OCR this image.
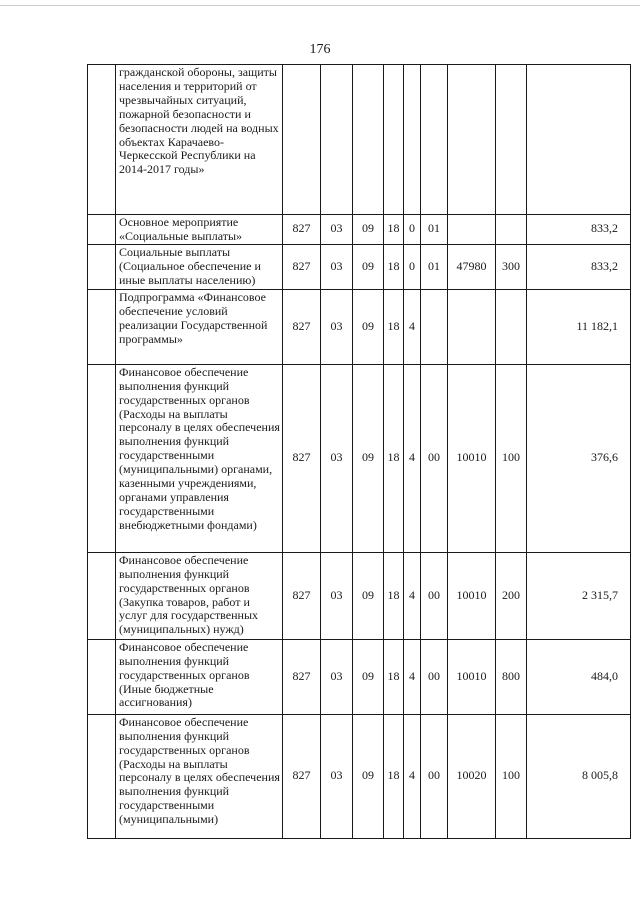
176
	гражданской обороны, защиты населения и территорий от чрезвычайных ситуаций, пожарной безопасности и безопасности людей на водных объектах Карачаево-Черкесской Республики на 2014-2017 годы»									
	Основное мероприятие «Социальные выплаты»	827	03	09	18	0	01			833,2
	Социальные выплаты (Социальное обеспечение и иные выплаты населению)	827	03	09	18	0	01	47980	300	833,2
	Подпрограмма «Финансовое обеспечение условий реализации Государственной программы»	827	03	09	18	4				11 182,1
	Финансовое обеспечение выполнения функций государственных органов (Расходы на выплаты персоналу в целях обеспечения выполнения функций государственными (муниципальными) органами, казенными учреждениями, органами управления государственными внебюджетными фондами)	827	03	09	18	4	00	10010	100	376,6
	Финансовое обеспечение выполнения функций государственных органов (Закупка товаров, работ и услуг для государственных (муниципальных) нужд)	827	03	09	18	4	00	10010	200	2 315,7
	Финансовое обеспечение выполнения функций государственных органов (Иные бюджетные ассигнования)	827	03	09	18	4	00	10010	800	484,0
	Финансовое обеспечение выполнения функций государственных органов (Расходы на выплаты персоналу в целях обеспечения выполнения функций государственными (муниципальными)	827	03	09	18	4	00	10020	100	8 005,8
